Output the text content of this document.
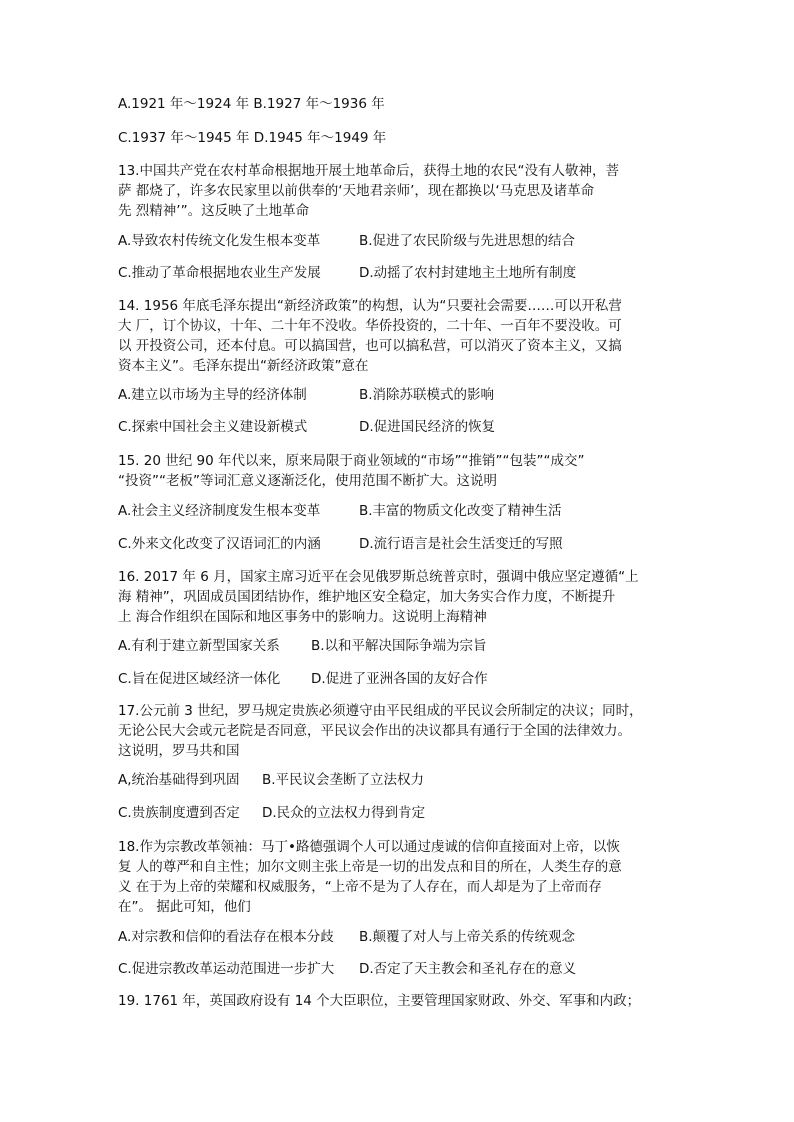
A.1921 年～1924 年 B.1927 年～1936 年
C.1937 年～1945 年 D.1945 年～1949 年
13.中国共产党在农村革命根据地开展土地革命后，获得土地的农民“没有人敬神，菩
萨 都烧了，许多农民家里以前供奉的‘天地君亲师’，现在都换以‘马克思及诸革命
先 烈精神’”。这反映了土地革命
A.导致农村传统文化发生根本变革	B.促进了农民阶级与先进思想的结合
C.推动了革命根据地农业生产发展	D.动摇了农村封建地主土地所有制度
14. 1956 年底毛泽东提出“新经济政策”的构想，认为“只要社会需要……可以开私营
大 厂，订个协议，十年、二十年不没收。华侨投资的，二十年、一百年不要没收。可
以 开投资公司，还本付息。可以搞国营，也可以搞私营，可以消灭了资本主义，又搞
资本主义”。毛泽东提出“新经济政策”意在
A.建立以市场为主导的经济体制	B.消除苏联模式的影响
C.探索中国社会主义建设新模式	D.促进国民经济的恢复
15. 20 世纪 90 年代以来，原来局限于商业领域的“市场”“推销”“包装”“成交”
“投资”“老板”等词汇意义逐渐泛化，使用范围不断扩大。这说明
A.社会主义经济制度发生根本变革	B.丰富的物质文化改变了精神生活
C.外来文化改变了汉语词汇的内涵	D.流行语言是社会生活变迁的写照
16. 2017 年 6 月，国家主席习近平在会见俄罗斯总统普京时，强调中俄应坚定遵循“上
海 精神”，巩固成员国团结协作，维护地区安全稳定，加大务实合作力度，不断提升
上 海合作组织在国际和地区事务中的影响力。这说明上海精神
A.有利于建立新型国家关系 B.以和平解决国际争端为宗旨
C.旨在促进区域经济一体化 D.促进了亚洲各国的友好合作
17.公元前 3 世纪，罗马规定贵族必须遵守由平民组成的平民议会所制定的决议；同时，
无论公民大会或元老院是否同意，平民议会作出的决议都具有通行于全国的法律效力。
这说明，罗马共和国
A,统治基础得到巩固 B.平民议会垄断了立法权力
C.贵族制度遭到否定 D.民众的立法权力得到肯定
18.作为宗教改革领袖：马丁•路德强调个人可以通过虔诚的信仰直接面对上帝，以恢
复 人的尊严和自主性；加尔文则主张上帝是一切的出发点和目的所在，人类生存的意
义 在于为上帝的荣耀和权威服务，“上帝不是为了人存在，而人却是为了上帝而存
在”。 据此可知，他们
A.对宗教和信仰的看法存在根本分歧 B.颠覆了对人与上帝关系的传统观念
C.促进宗教改革运动范围进一步扩大 D.否定了天主教会和圣礼存在的意义
19. 1761 年，英国政府设有 14 个大臣职位，主要管理国家财政、外交、军事和内政；
